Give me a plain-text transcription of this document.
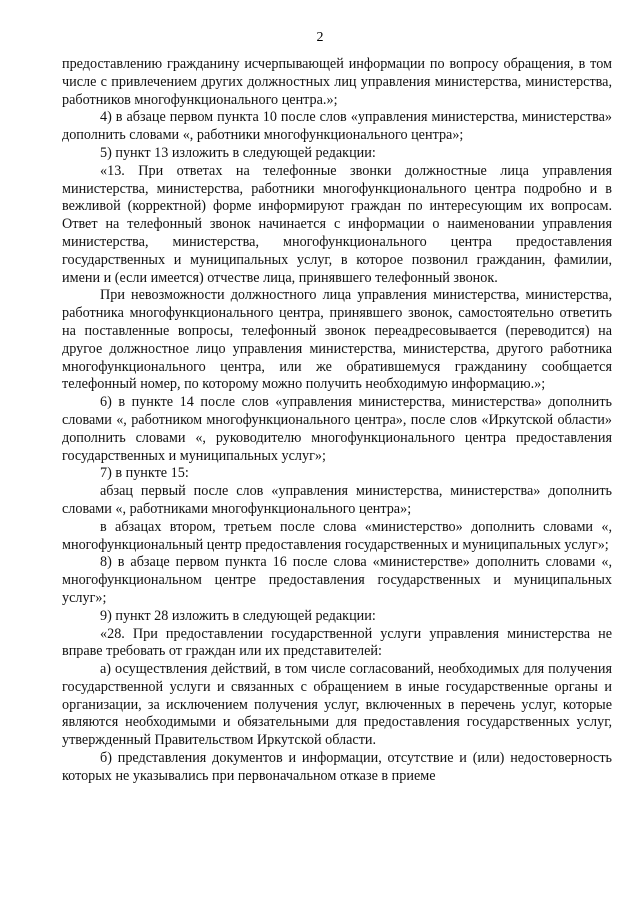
2

предоставлению гражданину исчерпывающей информации по вопросу обращения, в том числе с привлечением других должностных лиц управления министерства, министерства, работников многофункционального центра.»;

4) в абзаце первом пункта 10 после слов «управления министерства, министерства» дополнить словами «, работники многофункционального центра»;

5) пункт 13 изложить в следующей редакции:

«13. При ответах на телефонные звонки должностные лица управления министерства, министерства, работники многофункционального центра подробно и в вежливой (корректной) форме информируют граждан по интересующим их вопросам. Ответ на телефонный звонок начинается с информации о наименовании управления министерства, министерства, многофункционального центра предоставления государственных и муниципальных услуг, в которое позвонил гражданин, фамилии, имени и (если имеется) отчестве лица, принявшего телефонный звонок.

При невозможности должностного лица управления министерства, министерства, работника многофункционального центра, принявшего звонок, самостоятельно ответить на поставленные вопросы, телефонный звонок переадресовывается (переводится) на другое должностное лицо управления министерства, министерства, другого работника многофункционального центра, или же обратившемуся гражданину сообщается телефонный номер, по которому можно получить необходимую информацию.»;

6) в пункте 14 после слов «управления министерства, министерства» дополнить словами «, работником многофункционального центра», после слов «Иркутской области» дополнить словами «, руководителю многофункционального центра предоставления государственных и муниципальных услуг»;

7) в пункте 15:

абзац первый после слов «управления министерства, министерства» дополнить словами «, работниками многофункционального центра»;

в абзацах втором, третьем после слова «министерство» дополнить словами «, многофункциональный центр предоставления государственных и муниципальных услуг»;

8) в абзаце первом пункта 16 после слова «министерстве» дополнить словами «, многофункциональном центре предоставления государственных и муниципальных услуг»;

9) пункт 28 изложить в следующей редакции:

«28. При предоставлении государственной услуги управления министерства не вправе требовать от граждан или их представителей:

а) осуществления действий, в том числе согласований, необходимых для получения государственной услуги и связанных с обращением в иные государственные органы и организации, за исключением получения услуг, включенных в перечень услуг, которые являются необходимыми и обязательными для предоставления государственных услуг, утвержденный Правительством Иркутской области.

б) представления документов и информации, отсутствие и (или) недостоверность которых не указывались при первоначальном отказе в приеме
